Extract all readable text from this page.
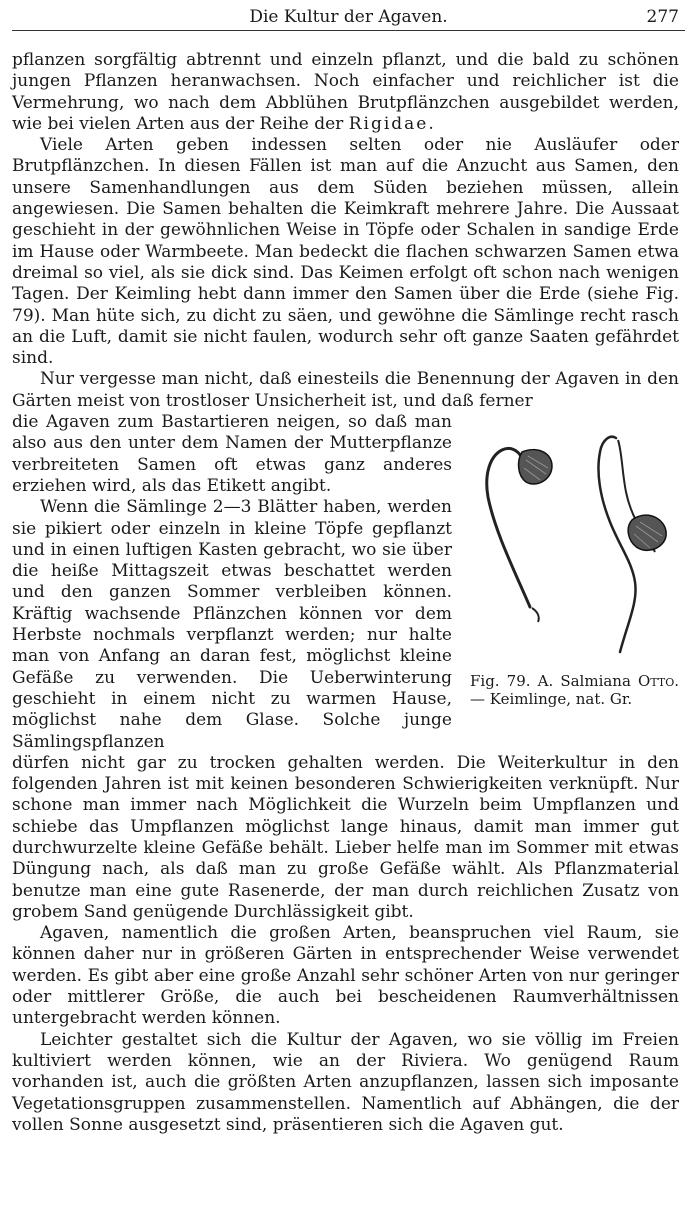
Die Kultur der Agaven.	277

pflanzen sorgfältig abtrennt und einzeln pflanzt, und die bald zu schönen jungen Pflanzen heranwachsen. Noch einfacher und reichlicher ist die Vermehrung, wo nach dem Abblühen Brutpflänzchen ausgebildet werden, wie bei vielen Arten aus der Reihe der Rigidae.

Viele Arten geben indessen selten oder nie Ausläufer oder Brutpflänzchen. In diesen Fällen ist man auf die Anzucht aus Samen, den unsere Samenhandlungen aus dem Süden beziehen müssen, allein angewiesen. Die Samen behalten die Keimkraft mehrere Jahre. Die Aussaat geschieht in der gewöhnlichen Weise in Töpfe oder Schalen in sandige Erde im Hause oder Warmbeete. Man bedeckt die flachen schwarzen Samen etwa dreimal so viel, als sie dick sind. Das Keimen erfolgt oft schon nach wenigen Tagen. Der Keimling hebt dann immer den Samen über die Erde (siehe Fig. 79). Man hüte sich, zu dicht zu säen, und gewöhne die Sämlinge recht rasch an die Luft, damit sie nicht faulen, wodurch sehr oft ganze Saaten gefährdet sind.

Nur vergesse man nicht, daß einesteils die Benennung der Agaven in den Gärten meist von trostloser Unsicherheit ist, und daß ferner

die Agaven zum Bastartieren neigen, so daß man also aus den unter dem Namen der Mutterpflanze verbreiteten Samen oft etwas ganz anderes erziehen wird, als das Etikett angibt.

Wenn die Sämlinge 2—3 Blätter haben, werden sie pikiert oder einzeln in kleine Töpfe gepflanzt und in einen luftigen Kasten gebracht, wo sie über die heiße Mittagszeit etwas beschattet werden und den ganzen Sommer verbleiben können. Kräftig wachsende Pflänzchen können vor dem Herbste nochmals verpflanzt werden; nur halte man von Anfang an daran fest, möglichst kleine Gefäße zu verwenden. Die Ueberwinterung geschieht in einem nicht zu warmen Hause, möglichst nahe dem Glase. Solche junge Sämlingspflanzen

Fig. 79. A. Salmiana Otto. — Keimlinge, nat. Gr.

dürfen nicht gar zu trocken gehalten werden. Die Weiterkultur in den folgenden Jahren ist mit keinen besonderen Schwierigkeiten verknüpft. Nur schone man immer nach Möglichkeit die Wurzeln beim Umpflanzen und schiebe das Umpflanzen möglichst lange hinaus, damit man immer gut durchwurzelte kleine Gefäße behält. Lieber helfe man im Sommer mit etwas Düngung nach, als daß man zu große Gefäße wählt. Als Pflanzmaterial benutze man eine gute Rasenerde, der man durch reichlichen Zusatz von grobem Sand genügende Durchlässigkeit gibt.

Agaven, namentlich die großen Arten, beanspruchen viel Raum, sie können daher nur in größeren Gärten in entsprechender Weise verwendet werden. Es gibt aber eine große Anzahl sehr schöner Arten von nur geringer oder mittlerer Größe, die auch bei bescheidenen Raumverhältnissen untergebracht werden können.

Leichter gestaltet sich die Kultur der Agaven, wo sie völlig im Freien kultiviert werden können, wie an der Riviera. Wo genügend Raum vorhanden ist, auch die größten Arten anzupflanzen, lassen sich imposante Vegetationsgruppen zusammenstellen. Namentlich auf Abhängen, die der vollen Sonne ausgesetzt sind, präsentieren sich die Agaven gut.
